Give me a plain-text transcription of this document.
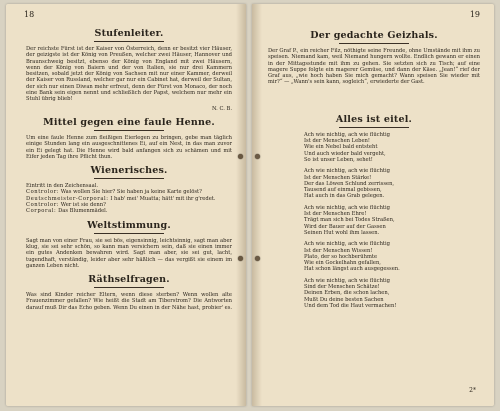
18
Stufenleiter.

Der reichste Fürst ist der Kaiser von Österreich, denn er besitzt vier Häuser, der geizigste ist der König von Preußen, welcher zwei Häuser, Hannover und Braunschweig besitzt, ebenso der König von England mit zwei Häusern, wenn der König von Baiern und der von Italien, sie nur drei Kammern besitzen, sobald jetzt der König von Sachsen mit nur einer Kammer, derweil der Kaiser von Russland, welcher gar nur ein Cabinet hat, derweil der Sultan, der sich nur einen Diwan mehr erfreut, denn der Fürst von Monaco, der noch eine Bank sein eigen nennt und schließlich der Papst, welchem nur mehr ein Stuhl übrig blieb!

N. C. B.

Mittel gegen eine faule Henne.

Um eine faule Henne zum fleißigen Eierlegen zu bringen, gebe man täglich einige Stunden lang ein ausgeschnittenes Ei, auf ein Nest, in das man zuvor ein Ei gelegt hat. Die Henne wird bald anfangen sich zu schämen und mit Eifer jeden Tag ihre Pflicht thun.

Wienerisches.
Eintritt in den Zeichensaal.
Controlor: Was wollen Sie hier? Sie haben ja keine Karte gelöst?
Deutschmeister-Corporal: I hab' mei' Muatta; hätt' mit ihr g'redet.
Controlor: Wer ist sie denn?
Corporal: Das Blumenmädel.
Weltstimmung.

Sagt man von einer Frau, sie sei bös, eigensinnig, leichtsinnig, sagt man aber klug, sie sei sehr schön, so kann man versichern sein, daß sie einen immer ein gutes Andenken bewahren wird. Sagt man aber, sie sei gut, lacht, tugendhaft, verständig, leider aber sehr häßlich — das vergißt sie einem im ganzen Leben nicht.

Räthselfragen.

Was sind Kinder reicher Eltern, wenn diese sterben? Wenn wollen alte Frauenzimmer gefallen? Wie heißt die Stadt am Tiberstrom? Die Antworten darauf muß Dir das Echo geben. Wenn Du einen in der Nähe hast, probier' es.

19
Der gedachte Geizhals.

Der Graf P., ein reicher Filz, nöthigte seine Freunde, ohne Umstände mit ihm zu speisen. Niemand kam, weil Niemand hungern wollte. Endlich gewann er einen in der Mittagsstunde mit ihm zu gehen. Sie setzten sich zu Tisch; auf eine magere Suppe folgte ein magerer Gemüse, und dann der Käse. „Jean!“ rief der Graf aus, „wie hoch haben Sie mich gemacht? Wann speisen Sie wieder mit mir?“ — „Wann's sein kann, sogleich“, erwiederte der Gast.

Alles ist eitel.
Ach wie nichtig, ach wie flüchtig
Ist der Menschen Leben!
Wie ein Nebel bald entsteht
Und auch wieder bald vergeht,
So ist unser Leben, sehet!
Ach wie nichtig, ach wie flüchtig
Ist der Menschen Stärke!
Der das Löwen Schlund zerrissen,
Tausend auf einmal gebissen,
Hat auch in das Grab gelegen.
Ach wie nichtig, ach wie flüchtig
Ist der Menschen Ehre!
Trägt man sich bei Todes Straßen,
Wird der Bauer auf der Gassen
Seinen Hut wohl ihm lassen.
Ach wie nichtig, ach wie flüchtig
Ist der Menschen Wissen!
Plato, der so hochberühmte
Wie ein Gockelhahn gefallen,
Hat schon längst auch ausgegessen.
Ach wie nichtig, ach wie flüchtig
Sind der Menschen Schätze!
Deinen Erben, die schon lachen,
Mußt Du deine besten Sachen
Und dem Tod die Haut vermachen!
2*
